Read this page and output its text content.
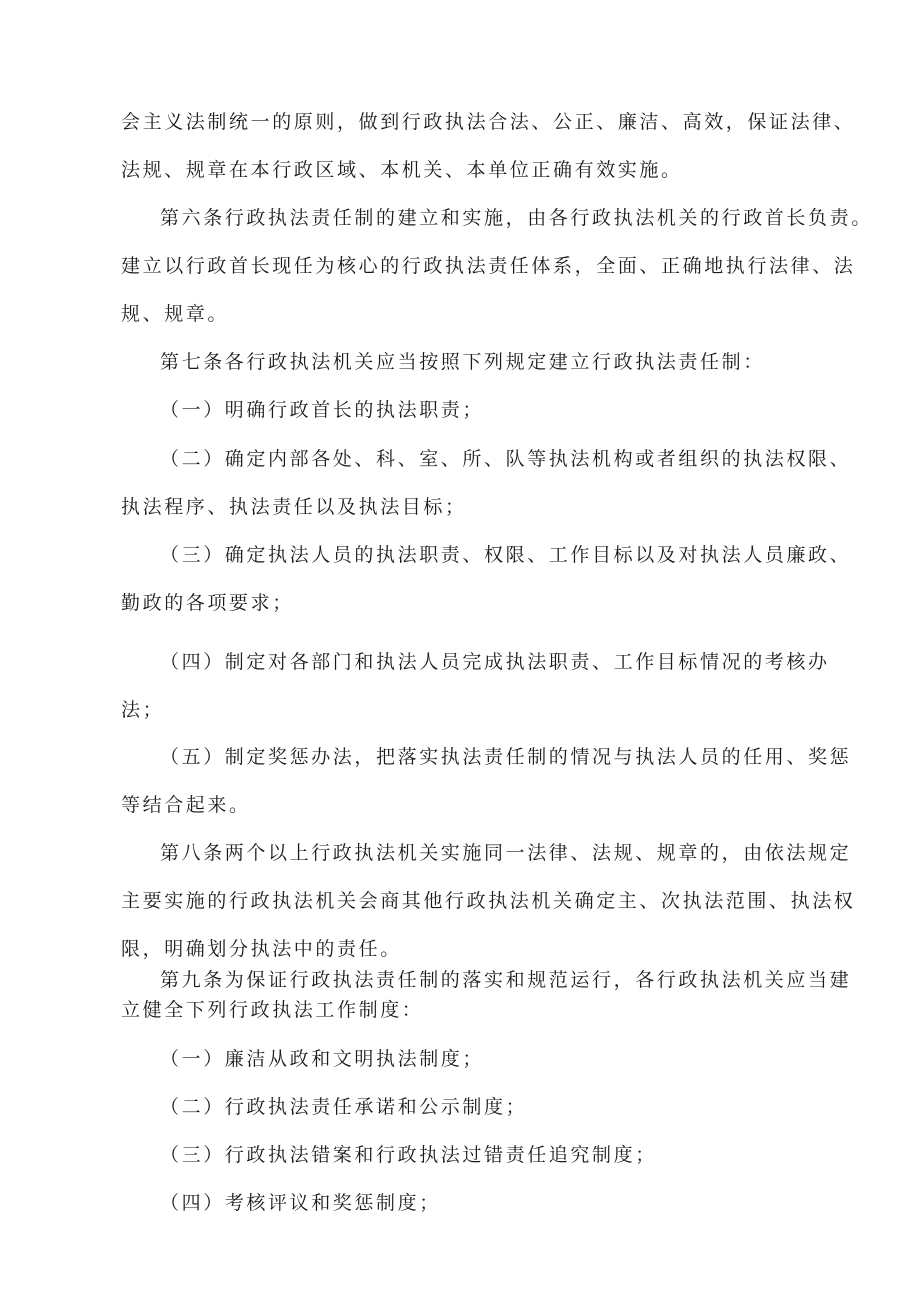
会主义法制统一的原则，做到行政执法合法、公正、廉洁、高效，保证法律、
法规、规章在本行政区域、本机关、本单位正确有效实施。
第六条行政执法责任制的建立和实施，由各行政执法机关的行政首长负责。
建立以行政首长现任为核心的行政执法责任体系，全面、正确地执行法律、法
规、规章。
第七条各行政执法机关应当按照下列规定建立行政执法责任制：
（一）明确行政首长的执法职责；
（二）确定内部各处、科、室、所、队等执法机构或者组织的执法权限、
执法程序、执法责任以及执法目标；
（三）确定执法人员的执法职责、权限、工作目标以及对执法人员廉政、
勤政的各项要求；
（四）制定对各部门和执法人员完成执法职责、工作目标情况的考核办
法；
（五）制定奖惩办法，把落实执法责任制的情况与执法人员的任用、奖惩
等结合起来。
第八条两个以上行政执法机关实施同一法律、法规、规章的，由依法规定
主要实施的行政执法机关会商其他行政执法机关确定主、次执法范围、执法权
限，明确划分执法中的责任。
第九条为保证行政执法责任制的落实和规范运行，各行政执法机关应当建
立健全下列行政执法工作制度：
（一）廉洁从政和文明执法制度；
（二）行政执法责任承诺和公示制度；
（三）行政执法错案和行政执法过错责任追究制度；
（四）考核评议和奖惩制度；
